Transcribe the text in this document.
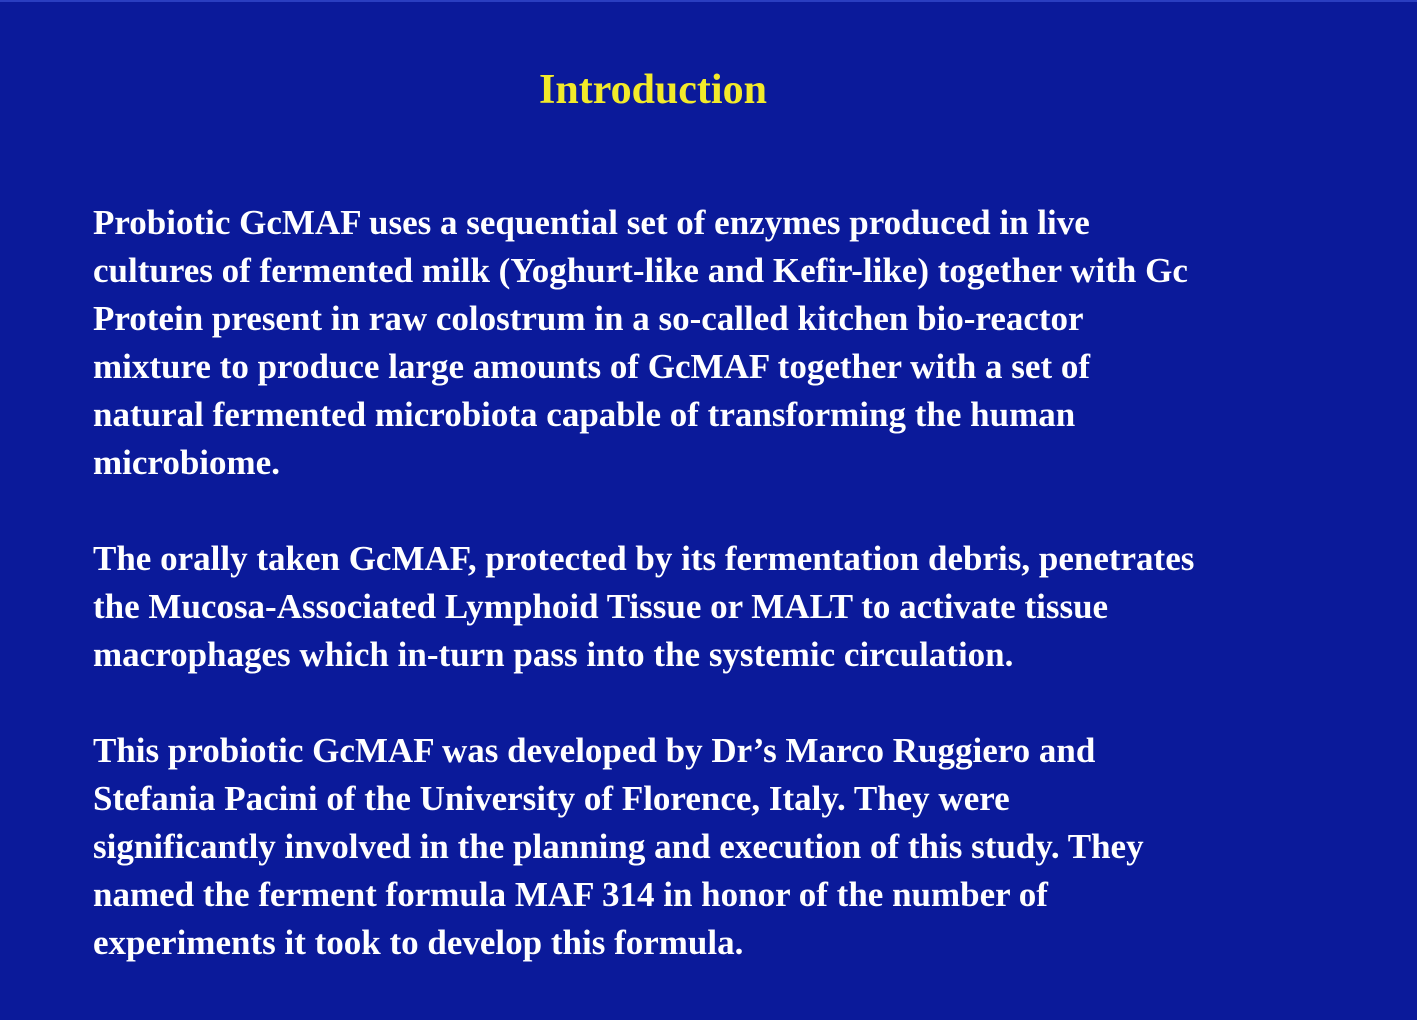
Introduction

Probiotic GcMAF uses a sequential set of enzymes produced in live
cultures of fermented milk (Yoghurt-like and Kefir-like) together with Gc
Protein present in raw colostrum in a so-called kitchen bio-reactor
mixture to produce large amounts of GcMAF together with a set of
natural fermented microbiota capable of transforming the human
microbiome.

The orally taken GcMAF, protected by its fermentation debris, penetrates
the Mucosa-Associated Lymphoid Tissue or MALT to activate tissue
macrophages which in-turn pass into the systemic circulation.

This probiotic GcMAF was developed by Dr’s Marco Ruggiero and
Stefania Pacini of the University of Florence, Italy. They were
significantly involved in the planning and execution of this study. They
named the ferment formula MAF 314 in honor of the number of
experiments it took to develop this formula.
